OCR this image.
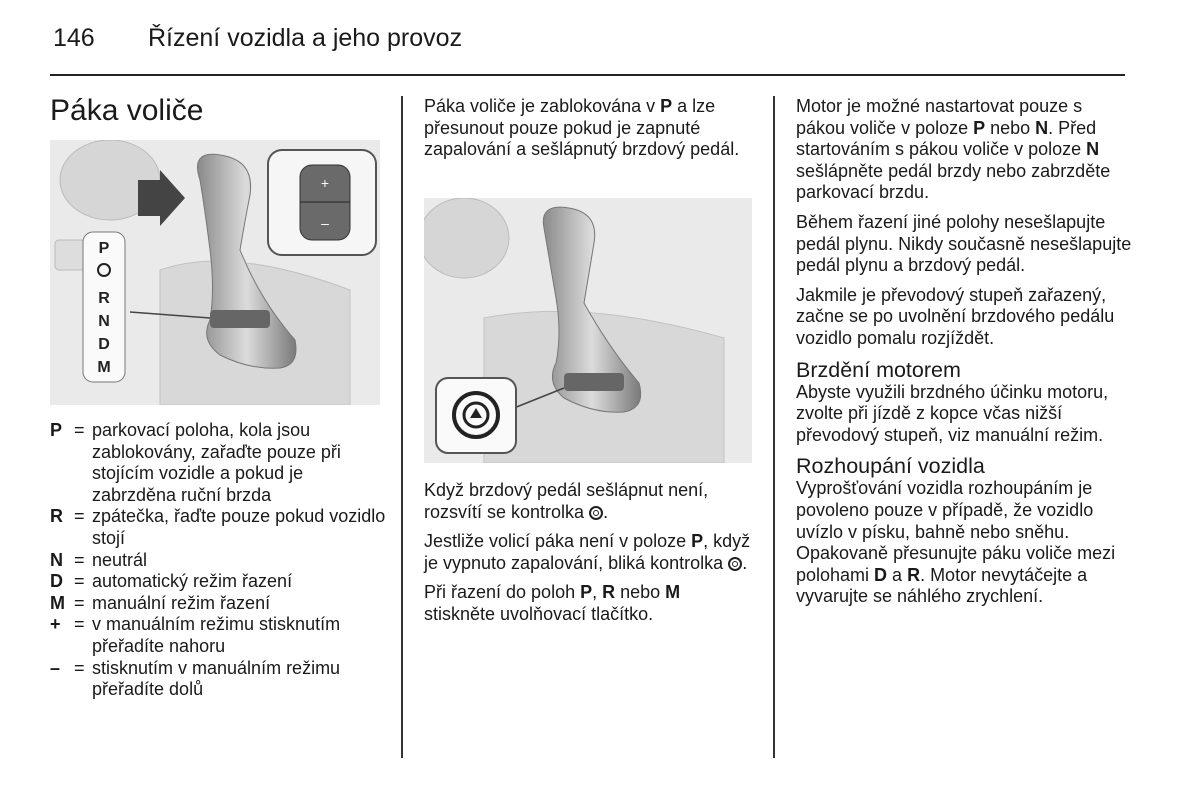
146 Řízení vozidla a jeho provoz
Páka voliče
+
–
P
R
N
D
M
P = parkovací poloha, kola jsou zablokovány, zařaďte pouze při stojícím vozidle a pokud je zabrzděna ruční brzda
R = zpátečka, řaďte pouze pokud vozidlo stojí
N = neutrál
D = automatický režim řazení
M = manuální režim řazení
+ = v manuálním režimu stisknutím přeřadíte nahoru
– = stisknutím v manuálním režimu přeřadíte dolů

Páka voliče je zablokována v P a lze přesunout pouze pokud je zapnuté zapalování a sešlápnutý brzdový pedál.

Když brzdový pedál sešlápnut není, rozsvítí se kontrolka .

Jestliže volicí páka není v poloze P, když je vypnuto zapalování, bliká kontrolka .

Při řazení do poloh P, R nebo M stiskněte uvolňovací tlačítko.

Motor je možné nastartovat pouze s pákou voliče v poloze P nebo N. Před startováním s pákou voliče v poloze N sešlápněte pedál brzdy nebo zabrzděte parkovací brzdu.

Během řazení jiné polohy nesešlapujte pedál plynu. Nikdy současně nesešlapujte pedál plynu a brzdový pedál.

Jakmile je převodový stupeň zařazený, začne se po uvolnění brzdového pedálu vozidlo pomalu rozjíždět.

Brzdění motorem

Abyste využili brzdného účinku motoru, zvolte při jízdě z kopce včas nižší převodový stupeň, viz manuální režim.

Rozhoupání vozidla

Vyprošťování vozidla rozhoupáním je povoleno pouze v případě, že vozidlo uvízlo v písku, bahně nebo sněhu. Opakovaně přesunujte páku voliče mezi polohami D a R. Motor nevytáčejte a vyvarujte se náhlého zrychlení.
